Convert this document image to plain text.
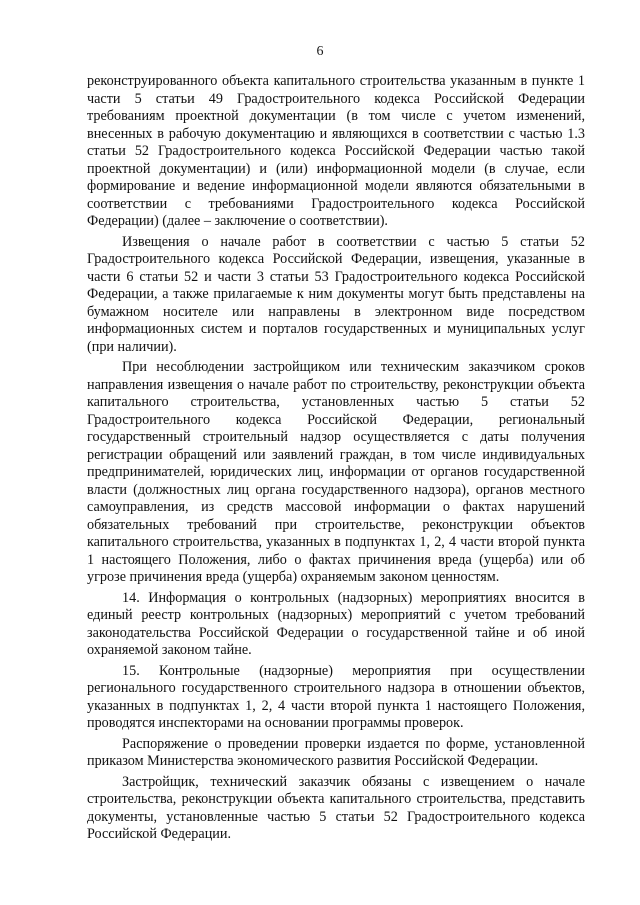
6

реконструированного объекта капитального строительства указанным в пункте 1 части 5 статьи 49 Градостроительного кодекса Российской Федерации требованиям проектной документации (в том числе с учетом изменений, внесенных в рабочую документацию и являющихся в соответствии с частью 1.3 статьи 52 Градостроительного кодекса Российской Федерации частью такой проектной документации) и (или) информационной модели (в случае, если формирование и ведение информационной модели являются обязательными в соответствии с требованиями Градостроительного кодекса Российской Федерации) (далее – заключение о соответствии).

Извещения о начале работ в соответствии с частью 5 статьи 52 Градостроительного кодекса Российской Федерации, извещения, указанные в части 6 статьи 52 и части 3 статьи 53 Градостроительного кодекса Российской Федерации, а также прилагаемые к ним документы могут быть представлены на бумажном носителе или направлены в электронном виде посредством информационных систем и порталов государственных и муниципальных услуг (при наличии).

При несоблюдении застройщиком или техническим заказчиком сроков направления извещения о начале работ по строительству, реконструкции объекта капитального строительства, установленных частью 5 статьи 52 Градостроительного кодекса Российской Федерации, региональный государственный строительный надзор осуществляется с даты получения регистрации обращений или заявлений граждан, в том числе индивидуальных предпринимателей, юридических лиц, информации от органов государственной власти (должностных лиц органа государственного надзора), органов местного самоуправления, из средств массовой информации о фактах нарушений обязательных требований при строительстве, реконструкции объектов капитального строительства, указанных в подпунктах 1, 2, 4 части второй пункта 1 настоящего Положения, либо о фактах причинения вреда (ущерба) или об угрозе причинения вреда (ущерба) охраняемым законом ценностям.

14. Информация о контрольных (надзорных) мероприятиях вносится в единый реестр контрольных (надзорных) мероприятий с учетом требований законодательства Российской Федерации о государственной тайне и об иной охраняемой законом тайне.

15. Контрольные (надзорные) мероприятия при осуществлении регионального государственного строительного надзора в отношении объектов, указанных в подпунктах 1, 2, 4 части второй пункта 1 настоящего Положения, проводятся инспекторами на основании программы проверок.

Распоряжение о проведении проверки издается по форме, установленной приказом Министерства экономического развития Российской Федерации.

Застройщик, технический заказчик обязаны с извещением о начале строительства, реконструкции объекта капитального строительства, представить документы, установленные частью 5 статьи 52 Градостроительного кодекса Российской Федерации.
